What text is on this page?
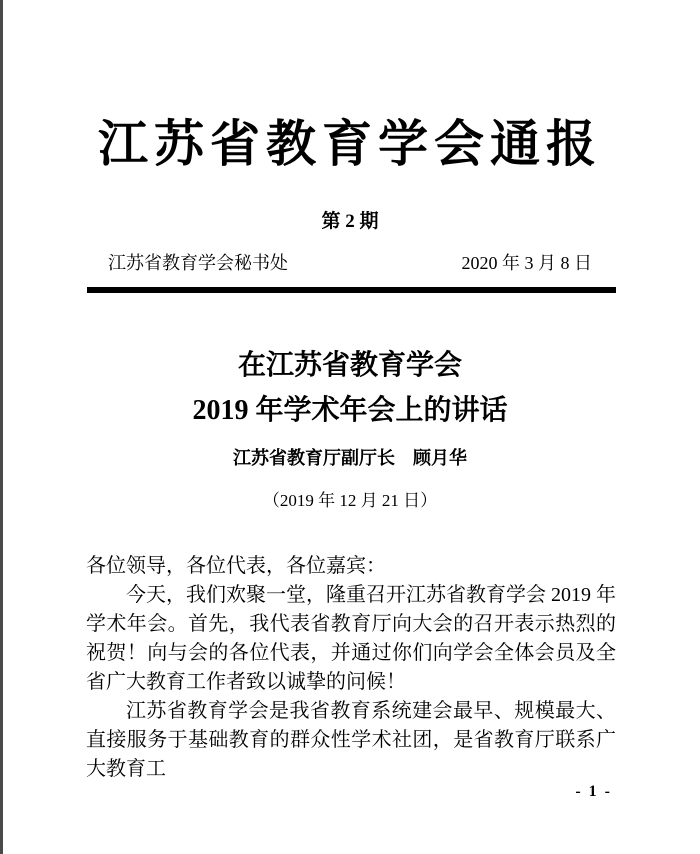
江苏省教育学会通报
第 2 期
江苏省教育学会秘书处	2020 年 3 月 8 日
在江苏省教育学会
2019 年学术年会上的讲话
江苏省教育厅副厅长　顾月华
（2019 年 12 月 21 日）

各位领导，各位代表，各位嘉宾：

今天，我们欢聚一堂，隆重召开江苏省教育学会 2019 年学术年会。首先，我代表省教育厅向大会的召开表示热烈的祝贺！向与会的各位代表，并通过你们向学会全体会员及全省广大教育工作者致以诚挚的问候！

江苏省教育学会是我省教育系统建会最早、规模最大、直接服务于基础教育的群众性学术社团，是省教育厅联系广大教育工

- 1 -
